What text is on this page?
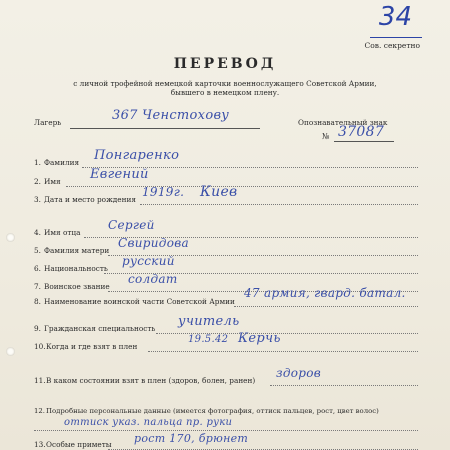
34
Сов. секретно
ПЕРЕВОД
с личной трофейной немецкой карточки военнослужащего Советской Армии,
бывшего в немецком плену.
Лагерь	367 Ченстохову	Опознавательный знак
№ 37087
1. Фамилия Понгаренко
2. Имя Евгений
3. Дата и место рождения
1919г. Киев
4. Имя отца
Сергей
5. Фамилия матери
Свиридова
6. Национальность
русский
7. Воинское звание
солдат
8. Наименование воинской части Советской Армии
47 армия, гвард. батал.
9. Гражданская специальность учитель
10. Когда и где взят в плен
19.5.42 Керчь
11. В каком состоянии взят в плен (здоров, болен, ранен)
здоров
12. Подробные персональные данные (имеется фотография, оттиск пальцев, рост, цвет волос)
оттиск указ. пальца пр. руки
13. Особые приметы рост 170, брюнет
